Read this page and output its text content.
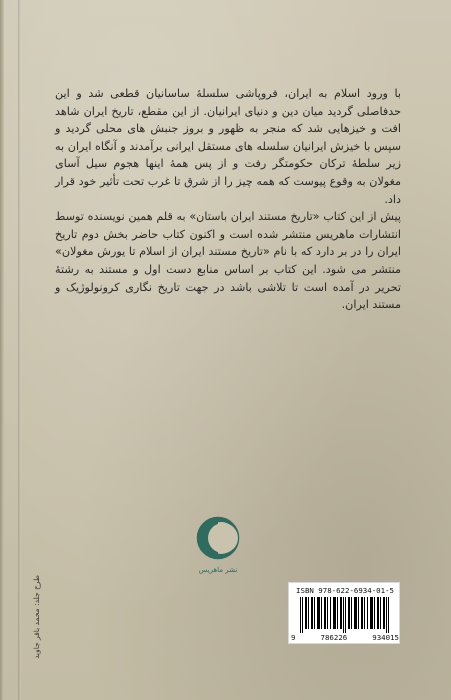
با ورود اسلام به ایران، فروپاشی سلسلهٔ ساسانیان قطعی شد و این حدفاصلی گردید میان دین و دنیای ایرانیان. از این مقطع، تاریخ ایران شاهد افت و خیزهایی شد که منجر به ظهور و بروز جنبش های محلی گردید و سپس با خیزش ایرانیان سلسله های مستقل ایرانی برآمدند و آنگاه ایران به زیر سلطهٔ ترکان حکومتگر رفت و از پس همهٔ اینها هجوم سیل آسای مغولان به وقوع پیوست که همه چیز را از شرق تا غرب تحت تأثیر خود قرار داد.

پیش از این کتاب «تاریخ مستند ایران باستان» به قلم همین نویسنده توسط انتشارات ماهریس منتشر شده است و اکنون کتاب حاضر بخش دوم تاریخ ایران را در بر دارد که با نام «تاریخ مستند ایران از اسلام تا یورش مغولان» منتشر می شود. این کتاب بر اساس منابع دست اول و مستند به رشتهٔ تحریر در آمده است تا تلاشی باشد در جهت تاریخ نگاری کرونولوژیک و مستند ایران.

نشر ماهریس
طرح جلد: محمد باقر جاوید	ISBN 978-622-6934-01-5
9	786226	934015
